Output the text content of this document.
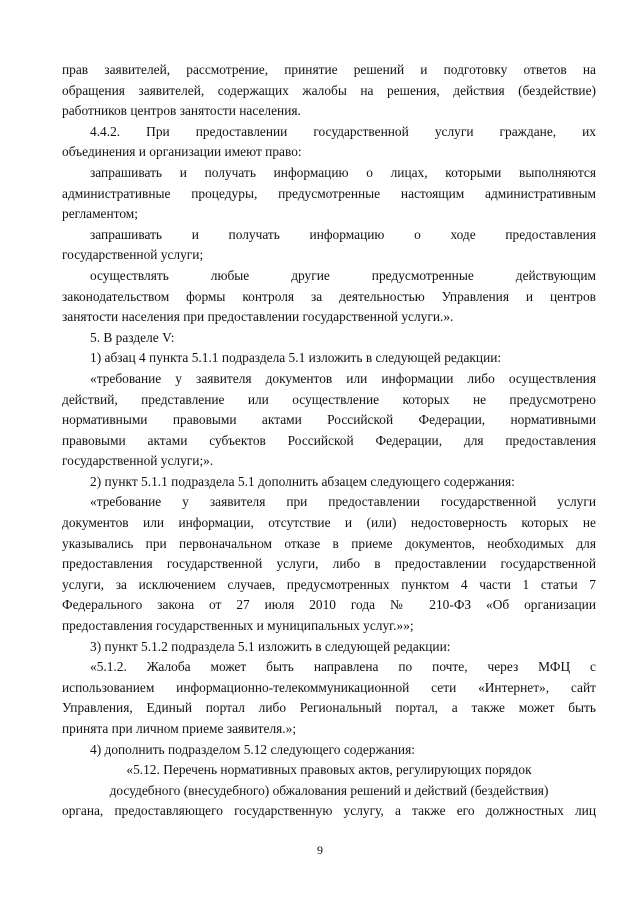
прав заявителей, рассмотрение, принятие решений и подготовку ответов на

обращения заявителей, содержащих жалобы на решения, действия (бездействие)

работников центров занятости населения.

4.4.2. При предоставлении государственной услуги граждане, их

объединения и организации имеют право:

запрашивать и получать информацию о лицах, которыми выполняются

административные процедуры, предусмотренные настоящим административным

регламентом;

запрашивать и получать информацию о ходе предоставления

государственной услуги;

осуществлять любые другие предусмотренные действующим

законодательством формы контроля за деятельностью Управления и центров

занятости населения при предоставлении государственной услуги.».

5. В разделе V:

1) абзац 4 пункта 5.1.1 подраздела 5.1 изложить в следующей редакции:

«требование у заявителя документов или информации либо осуществления

действий, представление или осуществление которых не предусмотрено

нормативными правовыми актами Российской Федерации, нормативными

правовыми актами субъектов Российской Федерации, для предоставления

государственной услуги;».

2) пункт 5.1.1 подраздела 5.1 дополнить абзацем следующего содержания:

«требование у заявителя при предоставлении государственной услуги

документов или информации, отсутствие и (или) недостоверность которых не

указывались при первоначальном отказе в приеме документов, необходимых для

предоставления государственной услуги, либо в предоставлении государственной

услуги, за исключением случаев, предусмотренных пунктом 4 части 1 статьи 7

Федерального закона от 27 июля 2010 года № 210-ФЗ «Об организации

предоставления государственных и муниципальных услуг.»»;

3) пункт 5.1.2 подраздела 5.1 изложить в следующей редакции:

«5.1.2. Жалоба может быть направлена по почте, через МФЦ с

использованием информационно-телекоммуникационной сети «Интернет», сайт

Управления, Единый портал либо Региональный портал, а также может быть

принята при личном приеме заявителя.»;

4) дополнить подразделом 5.12 следующего содержания:

«5.12. Перечень нормативных правовых актов, регулирующих порядок

досудебного (внесудебного) обжалования решений и действий (бездействия)

органа, предоставляющего государственную услугу, а также его должностных лиц

9
